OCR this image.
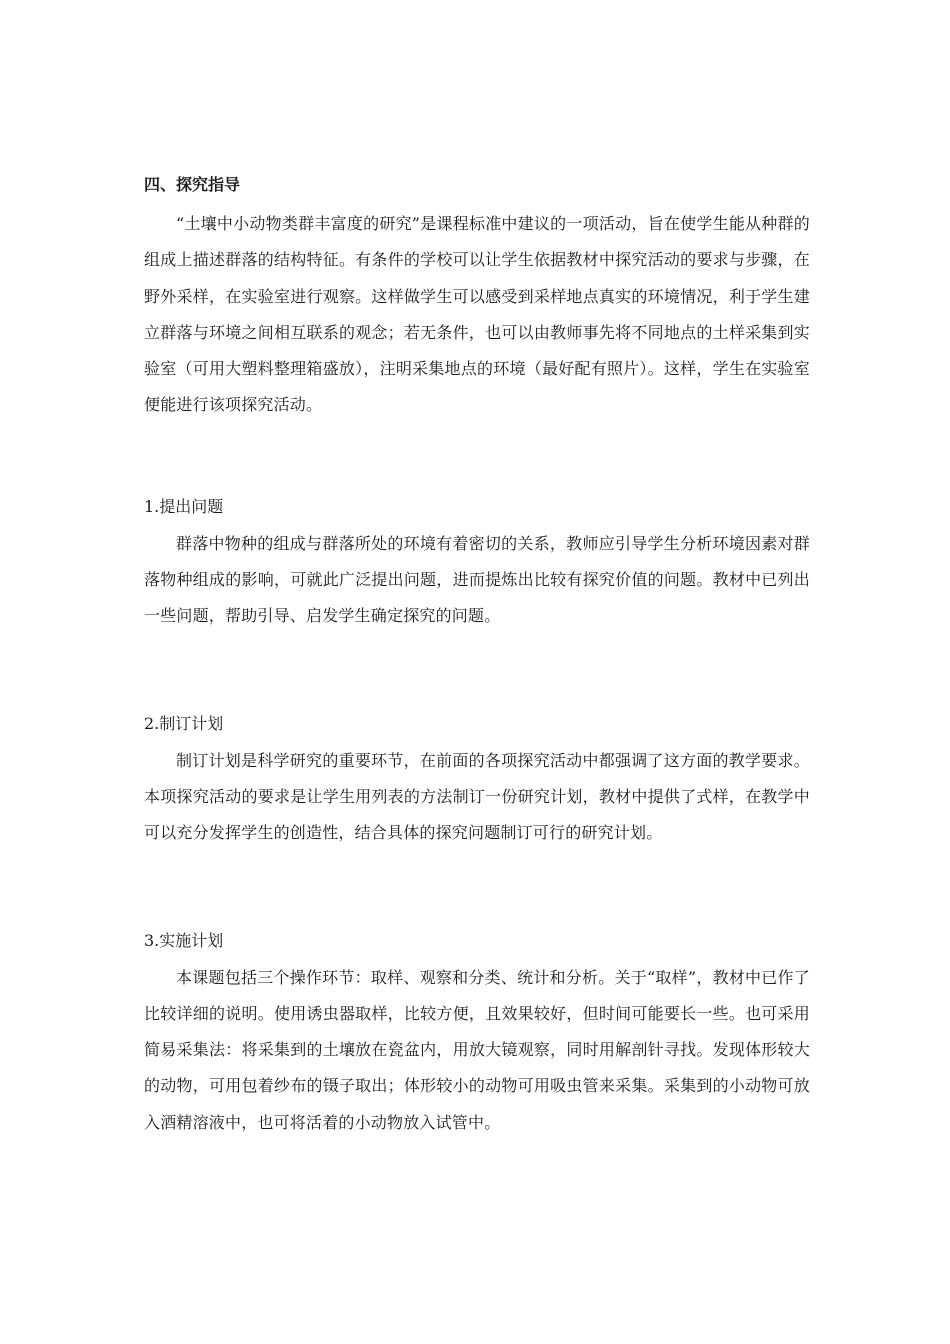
四、探究指导

“土壤中小动物类群丰富度的研究”是课程标准中建议的一项活动，旨在使学生能从种群的组成上描述群落的结构特征。有条件的学校可以让学生依据教材中探究活动的要求与步骤，在野外采样，在实验室进行观察。这样做学生可以感受到采样地点真实的环境情况，利于学生建立群落与环境之间相互联系的观念；若无条件，也可以由教师事先将不同地点的土样采集到实验室（可用大塑料整理箱盛放），注明采集地点的环境（最好配有照片）。这样，学生在实验室便能进行该项探究活动。

1.提出问题

群落中物种的组成与群落所处的环境有着密切的关系，教师应引导学生分析环境因素对群落物种组成的影响，可就此广泛提出问题，进而提炼出比较有探究价值的问题。教材中已列出一些问题，帮助引导、启发学生确定探究的问题。

2.制订计划

制订计划是科学研究的重要环节，在前面的各项探究活动中都强调了这方面的教学要求。本项探究活动的要求是让学生用列表的方法制订一份研究计划，教材中提供了式样，在教学中可以充分发挥学生的创造性，结合具体的探究问题制订可行的研究计划。

3.实施计划

本课题包括三个操作环节：取样、观察和分类、统计和分析。关于“取样”，教材中已作了比较详细的说明。使用诱虫器取样，比较方便，且效果较好，但时间可能要长一些。也可采用简易采集法：将采集到的土壤放在瓷盆内，用放大镜观察，同时用解剖针寻找。发现体形较大的动物，可用包着纱布的镊子取出；体形较小的动物可用吸虫管来采集。采集到的小动物可放入酒精溶液中，也可将活着的小动物放入试管中。
